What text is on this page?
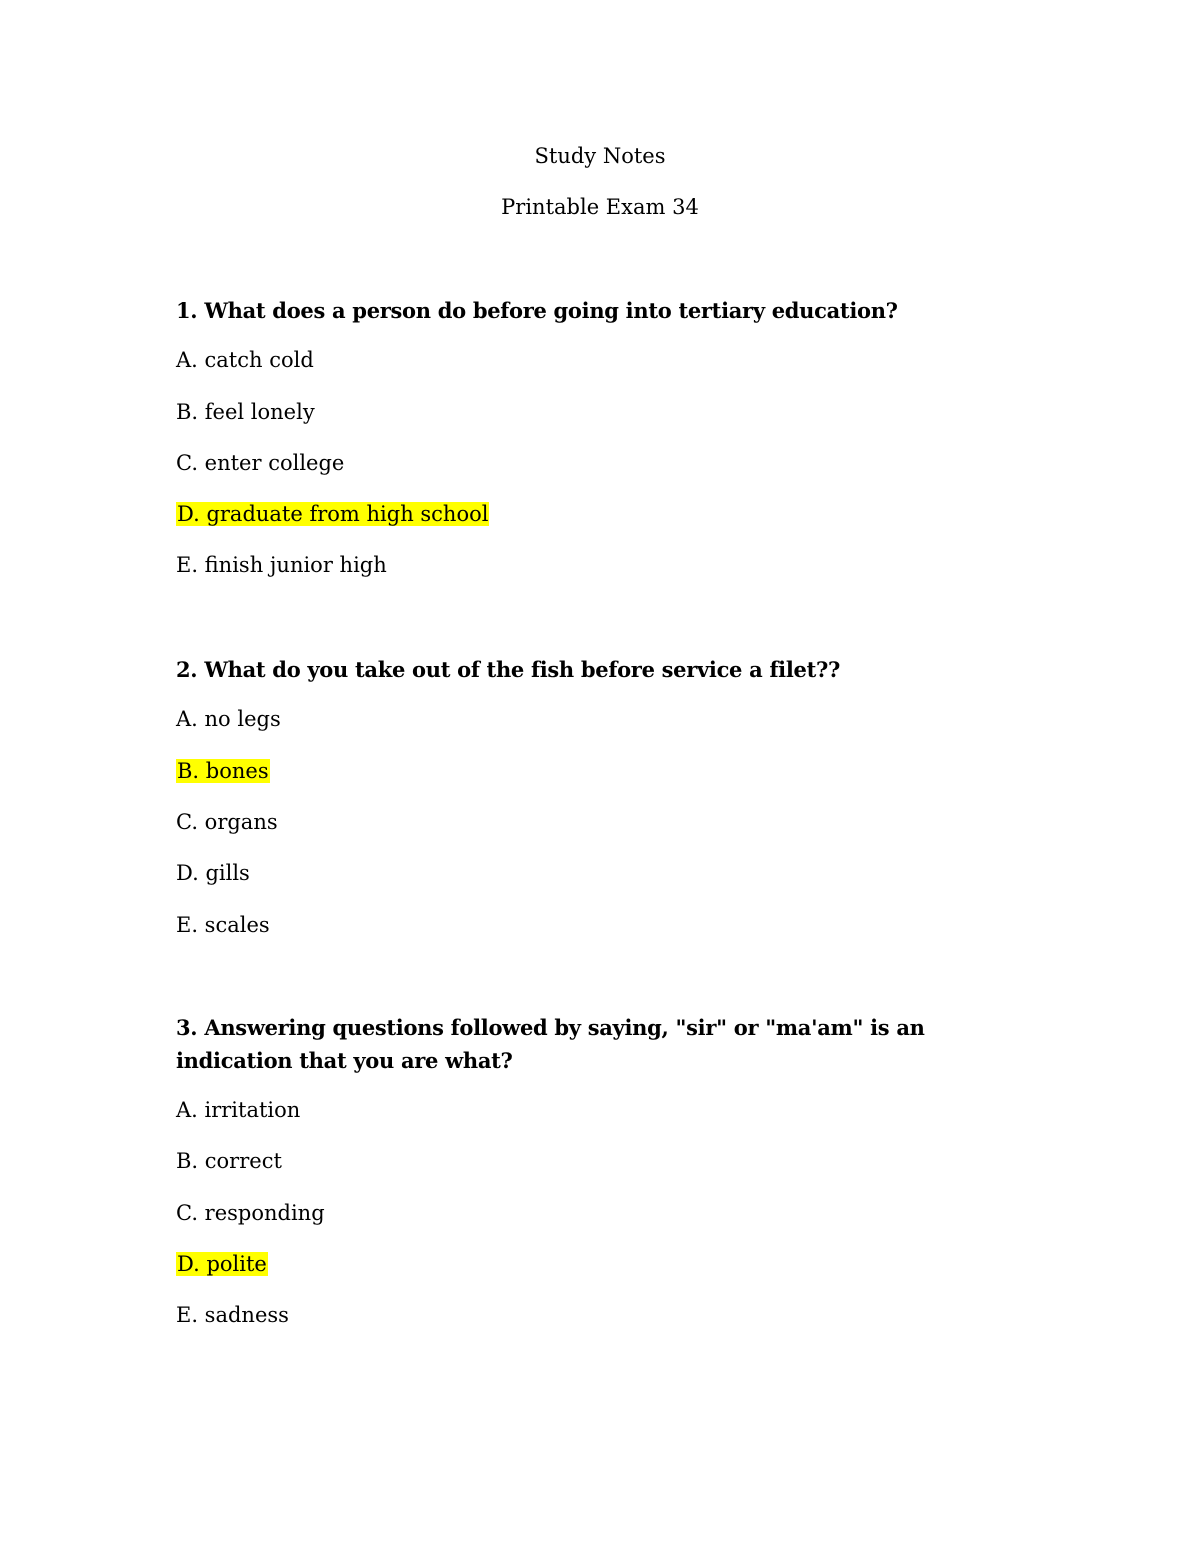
Study Notes
Printable Exam 34
1. What does a person do before going into tertiary education?
A. catch cold
B. feel lonely
C. enter college
D. graduate from high school
E. finish junior high
2. What do you take out of the fish before service a filet??
A. no legs
B. bones
C. organs
D. gills
E. scales
3. Answering questions followed by saying, "sir" or "ma'am" is an indication that you are what?
A. irritation
B. correct
C. responding
D. polite
E. sadness
